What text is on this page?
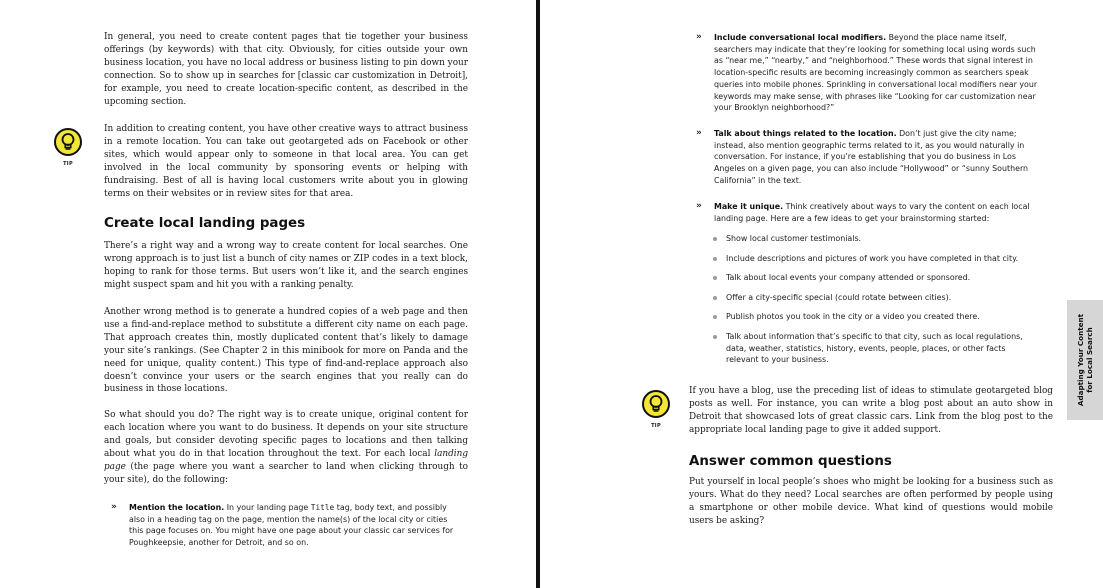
In general, you need to create content pages that tie together your business offerings (by keywords) with that city. Obviously, for cities outside your own business location, you have no local address or business listing to pin down your connection. So to show up in searches for [classic car customization in Detroit], for example, you need to create location-specific content, as described in the upcoming section.

TIP

In addition to creating content, you have other creative ways to attract business in a remote location. You can take out geotargeted ads on Facebook or other sites, which would appear only to someone in that local area. You can get involved in the local community by sponsoring events or helping with fundraising. Best of all is having local customers write about you in glowing terms on their websites or in review sites for that area.

Create local landing pages

There’s a right way and a wrong way to create content for local searches. One wrong approach is to just list a bunch of city names or ZIP codes in a text block, hoping to rank for those terms. But users won’t like it, and the search engines might suspect spam and hit you with a ranking penalty.

Another wrong method is to generate a hundred copies of a web page and then use a find-and-replace method to substitute a different city name on each page. That approach creates thin, mostly duplicated content that’s likely to damage your site’s rankings. (See Chapter 2 in this minibook for more on Panda and the need for unique, quality content.) This type of find-and-replace approach also doesn’t convince your users or the search engines that you really can do business in those locations.

So what should you do? The right way is to create unique, original content for each location where you want to do business. It depends on your site structure and goals, but consider devoting specific pages to locations and then talking about what you do in that location throughout the text. For each local landing page (the page where you want a searcher to land when clicking through to your site), do the following:

» Mention the location. In your landing page Title tag, body text, and possibly also in a heading tag on the page, mention the name(s) of the local city or cities this page focuses on. You might have one page about your classic car services for Poughkeepsie, another for Detroit, and so on.
» Include conversational local modifiers. Beyond the place name itself, searchers may indicate that they’re looking for something local using words such as “near me,” “nearby,” and “neighborhood.” These words that signal interest in location-specific results are becoming increasingly common as searchers speak queries into mobile phones. Sprinkling in conversational local modifiers near your keywords may make sense, with phrases like “Looking for car customization near your Brooklyn neighborhood?”
» Talk about things related to the location. Don’t just give the city name; instead, also mention geographic terms related to it, as you would naturally in conversation. For instance, if you’re establishing that you do business in Los Angeles on a given page, you can also include “Hollywood” or “sunny Southern California” in the text.
» Make it unique. Think creatively about ways to vary the content on each local landing page. Here are a few ideas to get your brainstorming started:
Show local customer testimonials.
Include descriptions and pictures of work you have completed in that city.
Talk about local events your company attended or sponsored.
Offer a city-specific special (could rotate between cities).
Publish photos you took in the city or a video you created there.
Talk about information that’s specific to that city, such as local regulations, data, weather, statistics, history, events, people, places, or other facts relevant to your business.
TIP

If you have a blog, use the preceding list of ideas to stimulate geotargeted blog posts as well. For instance, you can write a blog post about an auto show in Detroit that showcased lots of great classic cars. Link from the blog post to the appropriate local landing page to give it added support.

Answer common questions

Put yourself in local people’s shoes who might be looking for a business such as yours. What do they need? Local searches are often performed by people using a smartphone or other mobile device. What kind of questions would mobile users be asking?

Adapting Your Content for Local Search
